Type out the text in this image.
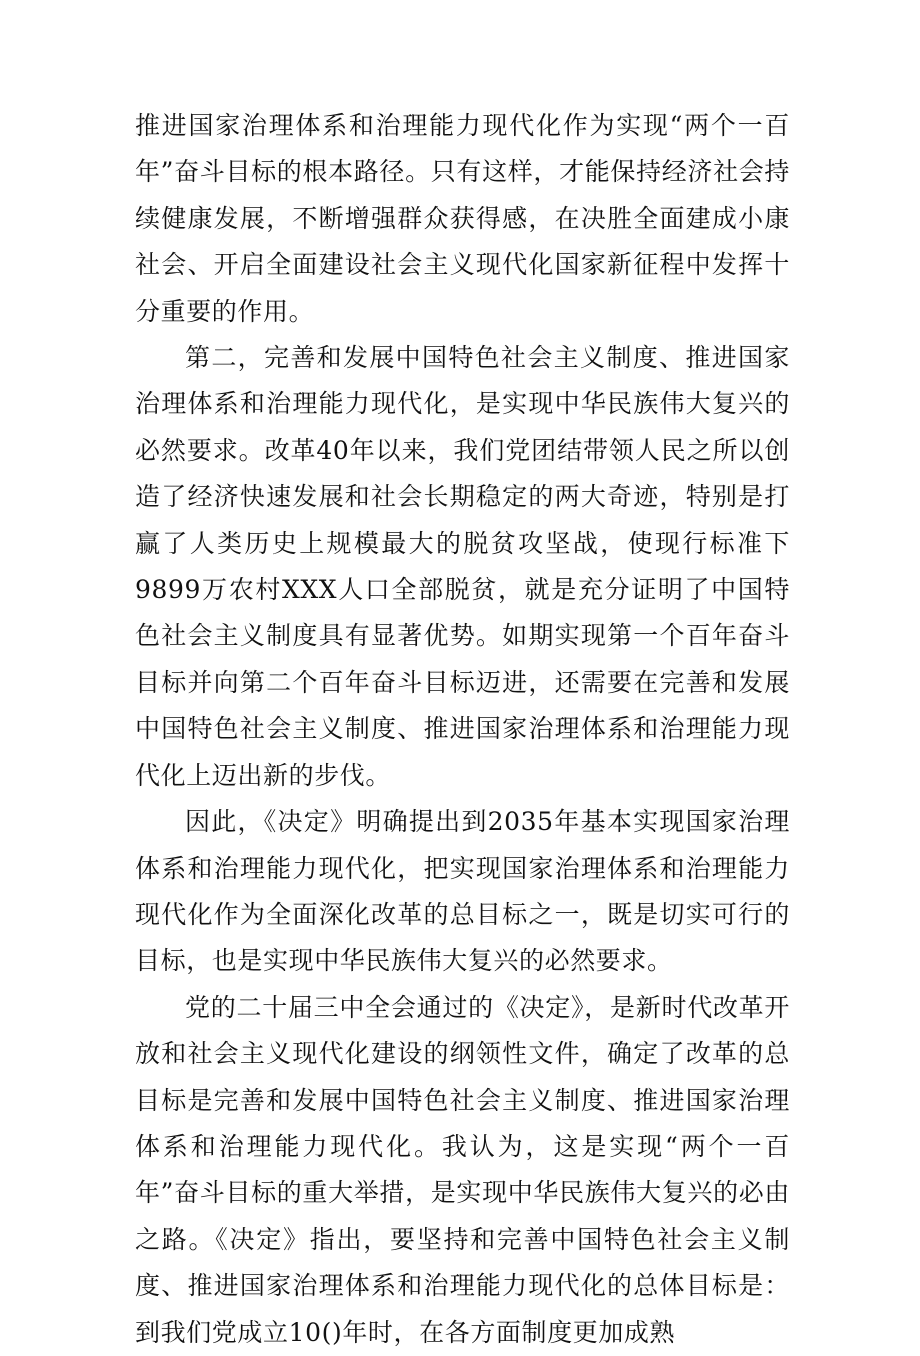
推进国家治理体系和治理能力现代化作为实现“两个一百年”奋斗目标的根本路径。只有这样，才能保持经济社会持续健康发展，不断增强群众获得感，在决胜全面建成小康社会、开启全面建设社会主义现代化国家新征程中发挥十分重要的作用。

第二，完善和发展中国特色社会主义制度、推进国家治理体系和治理能力现代化，是实现中华民族伟大复兴的必然要求。改革40年以来，我们党团结带领人民之所以创造了经济快速发展和社会长期稳定的两大奇迹，特别是打赢了人类历史上规模最大的脱贫攻坚战，使现行标准下9899万农村XXX人口全部脱贫，就是充分证明了中国特色社会主义制度具有显著优势。如期实现第一个百年奋斗目标并向第二个百年奋斗目标迈进，还需要在完善和发展中国特色社会主义制度、推进国家治理体系和治理能力现代化上迈出新的步伐。

因此，《决定》明确提出到2035年基本实现国家治理体系和治理能力现代化，把实现国家治理体系和治理能力现代化作为全面深化改革的总目标之一，既是切实可行的目标，也是实现中华民族伟大复兴的必然要求。

党的二十届三中全会通过的《决定》，是新时代改革开放和社会主义现代化建设的纲领性文件，确定了改革的总目标是完善和发展中国特色社会主义制度、推进国家治理体系和治理能力现代化。我认为，这是实现“两个一百年”奋斗目标的重大举措，是实现中华民族伟大复兴的必由之路。《决定》指出，要坚持和完善中国特色社会主义制度、推进国家治理体系和治理能力现代化的总体目标是：到我们党成立10()年时，在各方面制度更加成熟
